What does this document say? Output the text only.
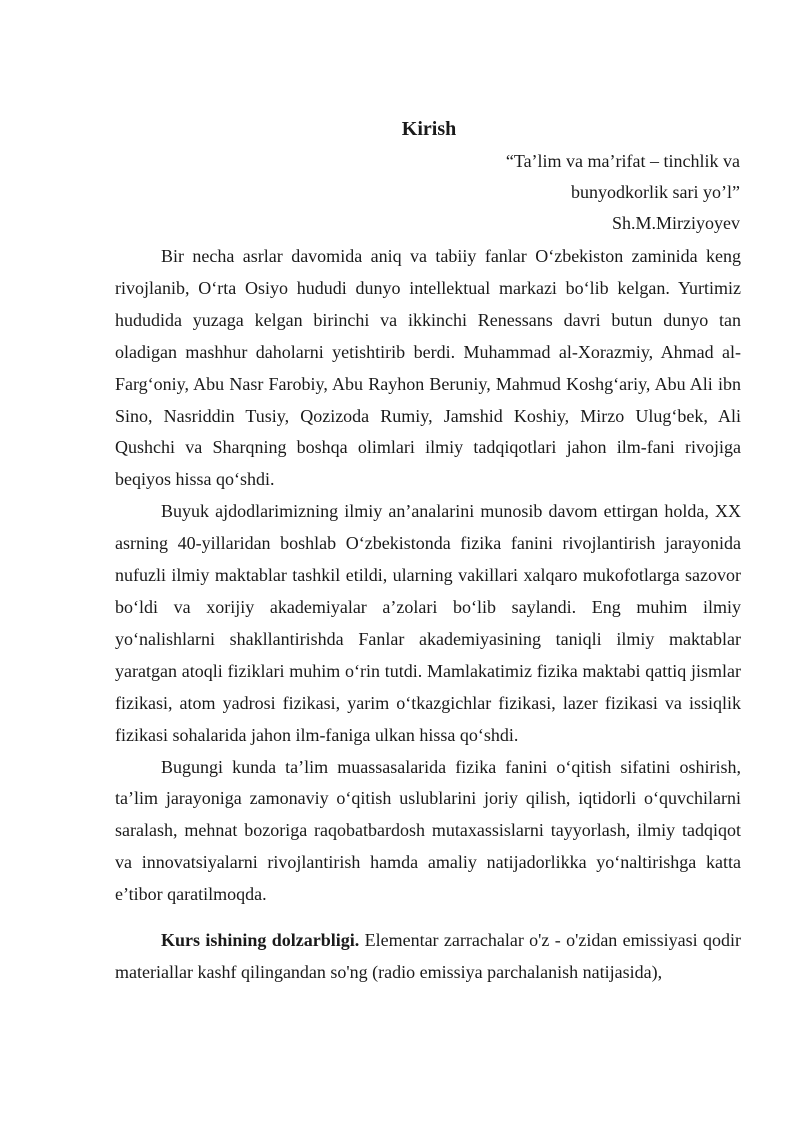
Kirish
“Ta’lim va ma’rifat – tinchlik va
bunyodkorlik sari yo’l”
Sh.M.Mirziyoyev

Bir necha asrlar davomida aniq va tabiiy fanlar O‘zbekiston zaminida keng rivojlanib, O‘rta Osiyo hududi dunyo intellektual markazi bo‘lib kelgan. Yurtimiz hududida yuzaga kelgan birinchi va ikkinchi Renessans davri butun dunyo tan oladigan mashhur daholarni yetishtirib berdi. Muhammad al-Xorazmiy, Ahmad al-Farg‘oniy, Abu Nasr Farobiy, Abu Rayhon Beruniy, Mahmud Koshg‘ariy, Abu Ali ibn Sino, Nasriddin Tusiy, Qozizoda Rumiy, Jamshid Koshiy, Mirzo Ulug‘bek, Ali Qushchi va Sharqning boshqa olimlari ilmiy tadqiqotlari jahon ilm-fani rivojiga beqiyos hissa qo‘shdi.

Buyuk ajdodlarimizning ilmiy an’analarini munosib davom ettirgan holda, XX asrning 40-yillaridan boshlab O‘zbekistonda fizika fanini rivojlantirish jarayonida nufuzli ilmiy maktablar tashkil etildi, ularning vakillari xalqaro mukofotlarga sazovor bo‘ldi va xorijiy akademiyalar a’zolari bo‘lib saylandi. Eng muhim ilmiy yo‘nalishlarni shakllantirishda Fanlar akademiyasining taniqli ilmiy maktablar yaratgan atoqli fiziklari muhim o‘rin tutdi. Mamlakatimiz fizika maktabi qattiq jismlar fizikasi, atom yadrosi fizikasi, yarim o‘tkazgichlar fizikasi, lazer fizikasi va issiqlik fizikasi sohalarida jahon ilm-faniga ulkan hissa qo‘shdi.

Bugungi kunda ta’lim muassasalarida fizika fanini o‘qitish sifatini oshirish, ta’lim jarayoniga zamonaviy o‘qitish uslublarini joriy qilish, iqtidorli o‘quvchilarni saralash, mehnat bozoriga raqobatbardosh mutaxassislarni tayyorlash, ilmiy tadqiqot va innovatsiyalarni rivojlantirish hamda amaliy natijadorlikka yo‘naltirishga katta e’tibor qaratilmoqda.

Kurs ishining dolzarbligi. Elementar zarrachalar o'z - o'zidan emissiyasi qodir materiallar kashf qilingandan so'ng (radio emissiya parchalanish natijasida),
